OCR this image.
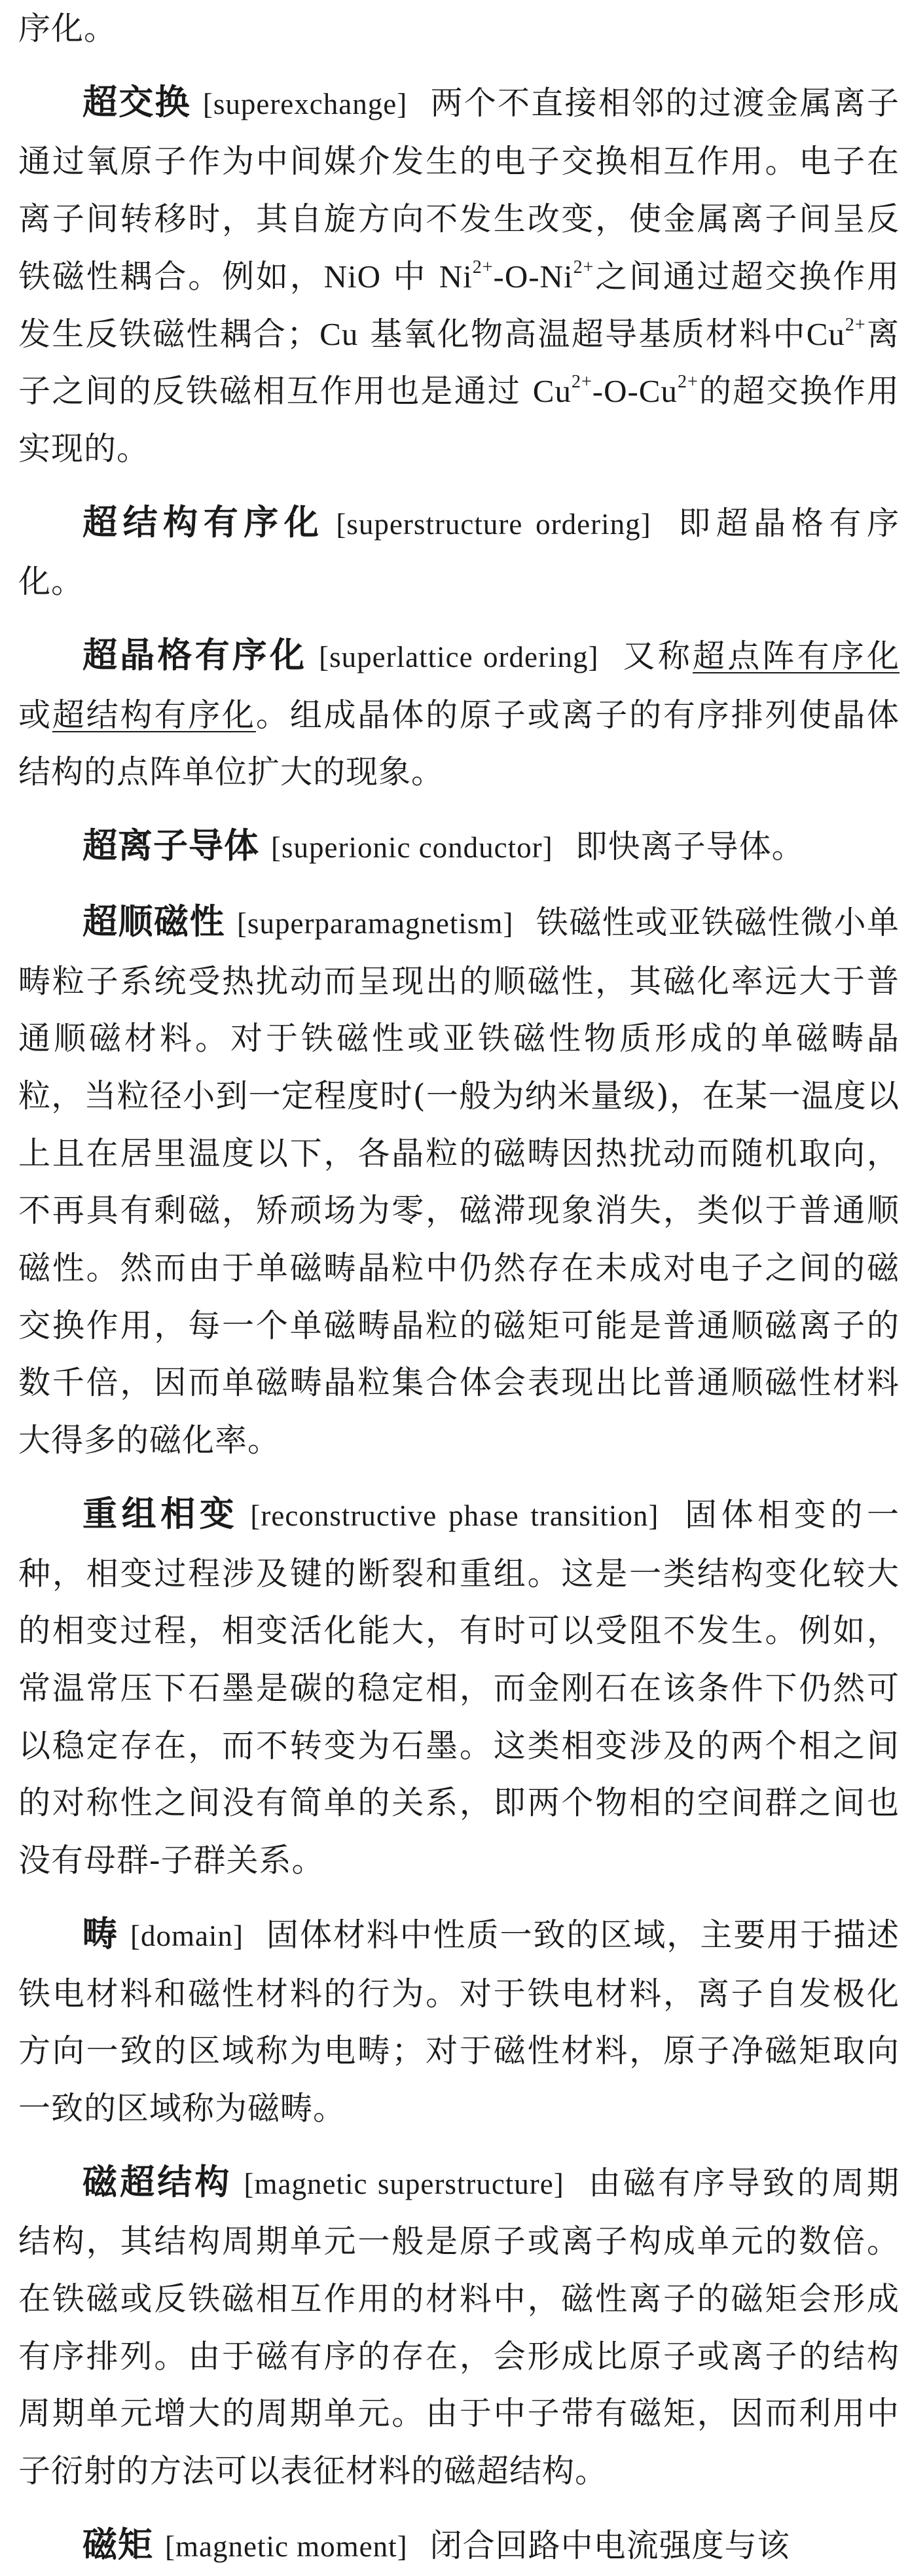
序化。

超交换 [superexchange] 两个不直接相邻的过渡金属离子通过氧原子作为中间媒介发生的电子交换相互作用。电子在离子间转移时，其自旋方向不发生改变，使金属离子间呈反铁磁性耦合。例如，NiO 中 $Ni^{2+}-O-Ni^{2+}$之间通过超交换作用发生反铁磁性耦合；Cu 基氧化物高温超导基质材料中$Cu^{2+}$离子之间的反铁磁相互作用也是通过 $Cu^{2+}-O-Cu^{2+}$的超交换作用实现的。

超结构有序化 [superstructure ordering] 即超晶格有序化。

超晶格有序化 [superlattice ordering] 又称超点阵有序化或超结构有序化。组成晶体的原子或离子的有序排列使晶体结构的点阵单位扩大的现象。

超离子导体 [superionic conductor] 即快离子导体。

超顺磁性 [superparamagnetism] 铁磁性或亚铁磁性微小单畴粒子系统受热扰动而呈现出的顺磁性，其磁化率远大于普通顺磁材料。对于铁磁性或亚铁磁性物质形成的单磁畴晶粒，当粒径小到一定程度时(一般为纳米量级)，在某一温度以上且在居里温度以下，各晶粒的磁畴因热扰动而随机取向，不再具有剩磁，矫顽场为零，磁滞现象消失，类似于普通顺磁性。然而由于单磁畴晶粒中仍然存在未成对电子之间的磁交换作用，每一个单磁畴晶粒的磁矩可能是普通顺磁离子的数千倍，因而单磁畴晶粒集合体会表现出比普通顺磁性材料大得多的磁化率。

重组相变 [reconstructive phase transition] 固体相变的一种，相变过程涉及键的断裂和重组。这是一类结构变化较大的相变过程，相变活化能大，有时可以受阻不发生。例如，常温常压下石墨是碳的稳定相，而金刚石在该条件下仍然可以稳定存在，而不转变为石墨。这类相变涉及的两个相之间的对称性之间没有简单的关系，即两个物相的空间群之间也没有母群-子群关系。

畴 [domain] 固体材料中性质一致的区域，主要用于描述铁电材料和磁性材料的行为。对于铁电材料，离子自发极化方向一致的区域称为电畴；对于磁性材料，原子净磁矩取向一致的区域称为磁畴。

磁超结构 [magnetic superstructure] 由磁有序导致的周期结构，其结构周期单元一般是原子或离子构成单元的数倍。在铁磁或反铁磁相互作用的材料中，磁性离子的磁矩会形成有序排列。由于磁有序的存在，会形成比原子或离子的结构周期单元增大的周期单元。由于中子带有磁矩，因而利用中子衍射的方法可以表征材料的磁超结构。

磁矩 [magnetic moment] 闭合回路中电流强度与该
